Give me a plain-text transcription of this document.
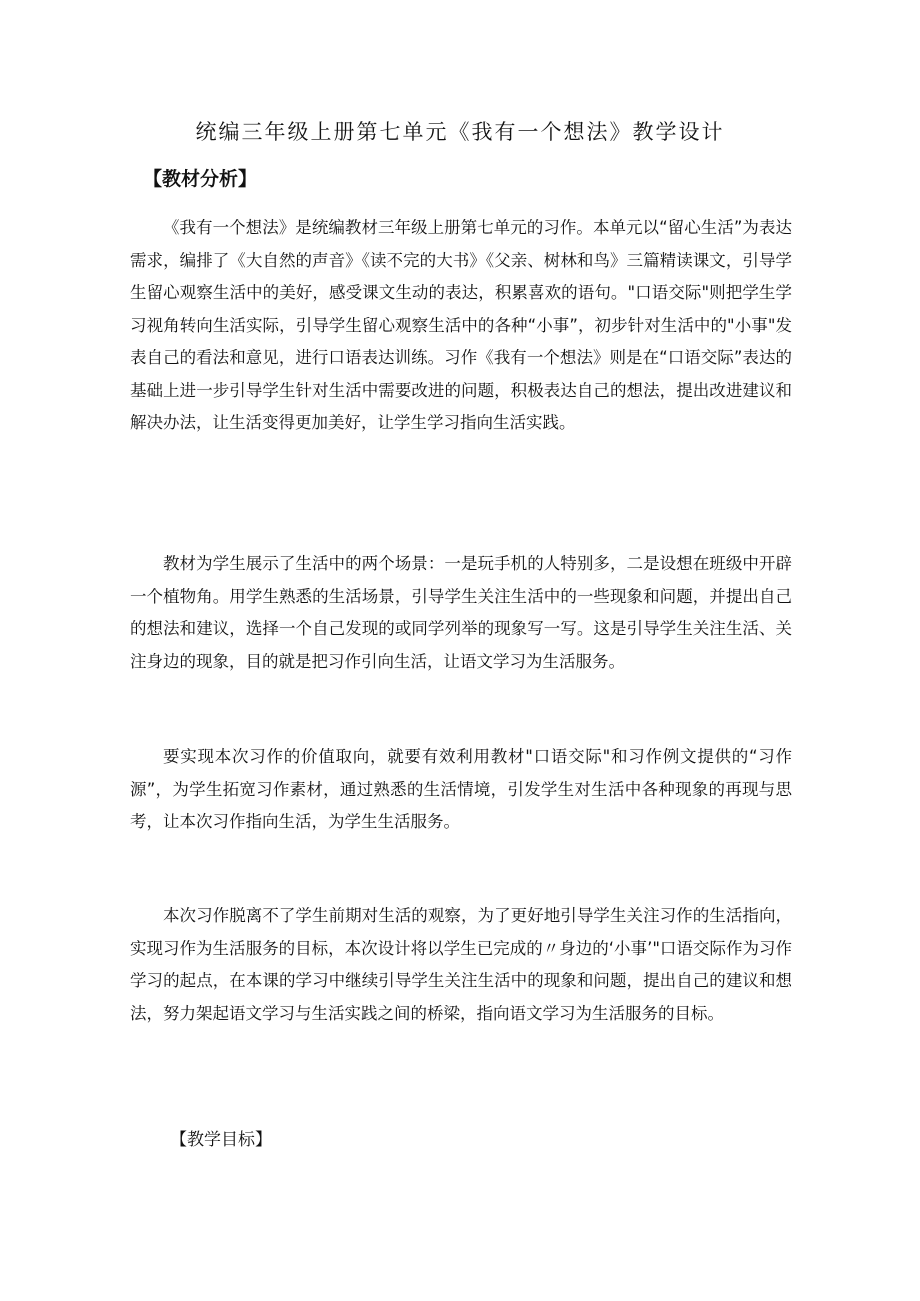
统编三年级上册第七单元《我有一个想法》教学设计
【教材分析】

《我有一个想法》是统编教材三年级上册第七单元的习作。本单元以“留心生活”为表达需求，编排了《大自然的声音》《读不完的大书》《父亲、树林和鸟》三篇精读课文，引导学生留心观察生活中的美好，感受课文生动的表达，积累喜欢的语句。"口语交际"则把学生学习视角转向生活实际，引导学生留心观察生活中的各种“小事”，初步针对生活中的"小事"发表自己的看法和意见，进行口语表达训练。习作《我有一个想法》则是在“口语交际”表达的基础上进一步引导学生针对生活中需要改进的问题，积极表达自己的想法，提出改进建议和解决办法，让生活变得更加美好，让学生学习指向生活实践。

教材为学生展示了生活中的两个场景：一是玩手机的人特别多，二是设想在班级中开辟一个植物角。用学生熟悉的生活场景，引导学生关注生活中的一些现象和问题，并提出自己的想法和建议，选择一个自己发现的或同学列举的现象写一写。这是引导学生关注生活、关注身边的现象，目的就是把习作引向生活，让语文学习为生活服务。

要实现本次习作的价值取向，就要有效利用教材"口语交际"和习作例文提供的“习作源”，为学生拓宽习作素材，通过熟悉的生活情境，引发学生对生活中各种现象的再现与思考，让本次习作指向生活，为学生生活服务。

本次习作脱离不了学生前期对生活的观察，为了更好地引导学生关注习作的生活指向，实现习作为生活服务的目标，本次设计将以学生已完成的〃身边的‘小事’"口语交际作为习作学习的起点，在本课的学习中继续引导学生关注生活中的现象和问题，提出自己的建议和想法，努力架起语文学习与生活实践之间的桥梁，指向语文学习为生活服务的目标。

【教学目标】
